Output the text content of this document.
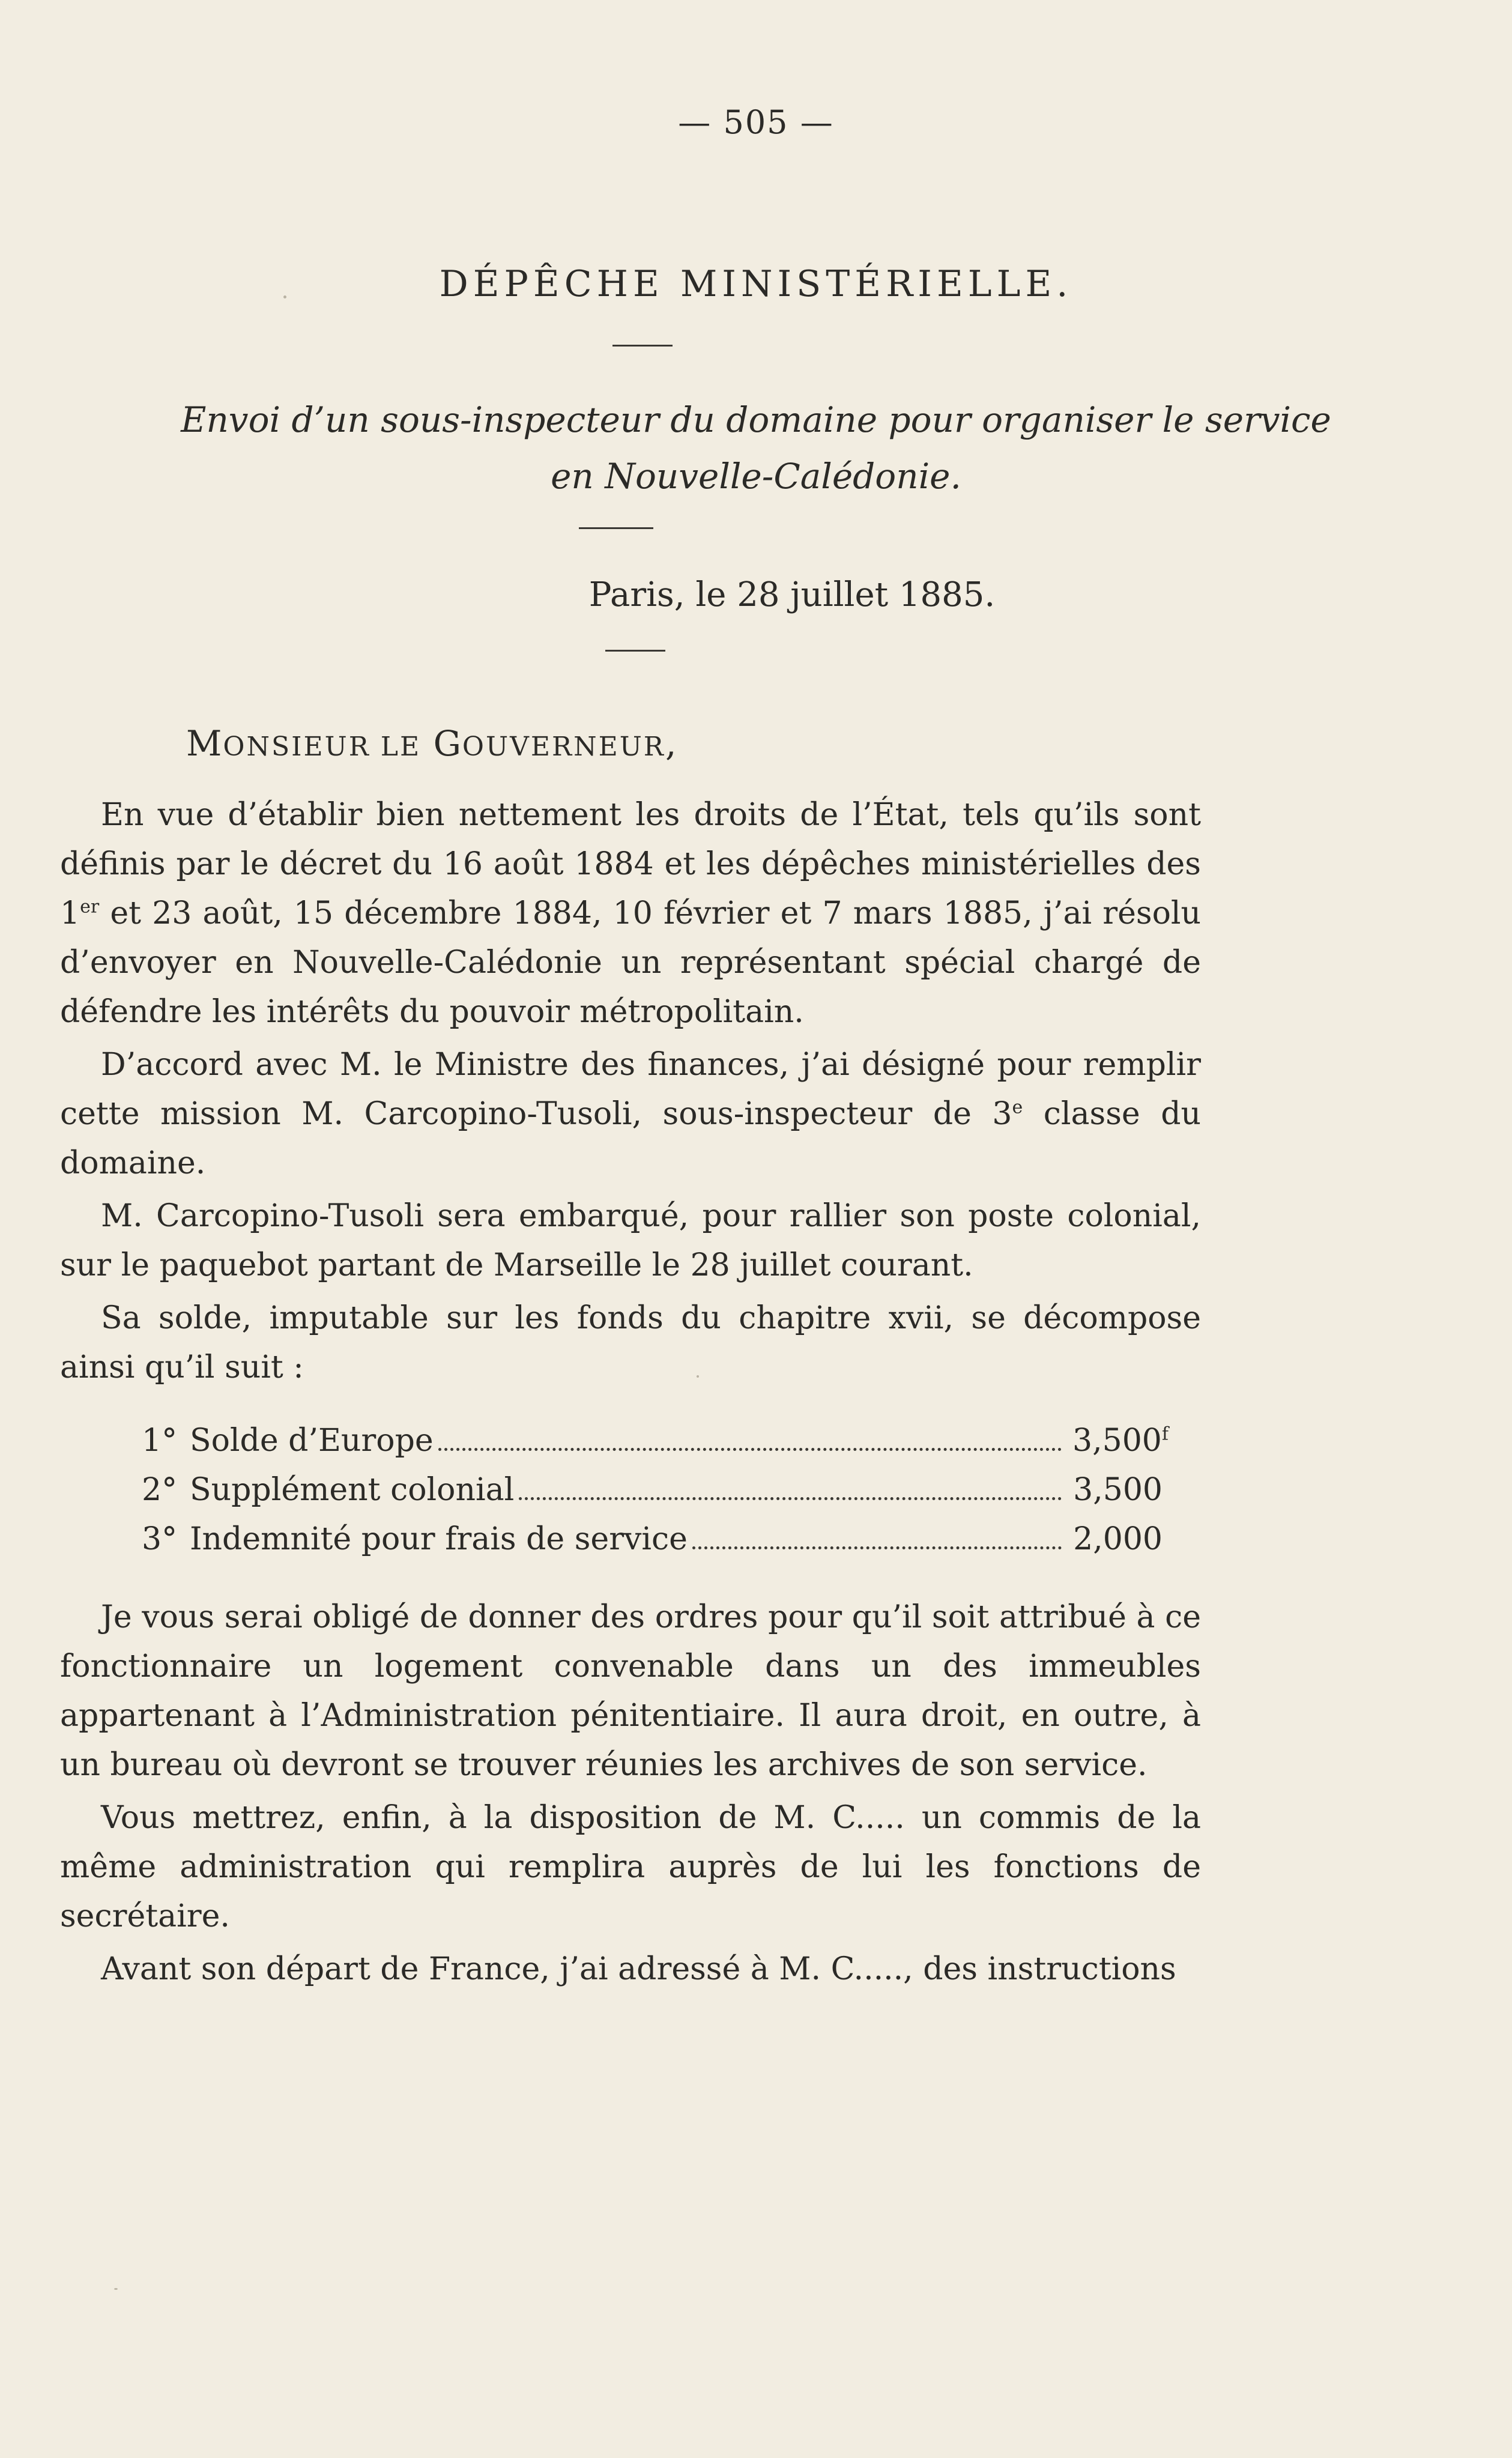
— 505 —
DÉPÊCHE MINISTÉRIELLE.
Envoi d’un sous-inspecteur du domaine pour organiser le service
en Nouvelle-Calédonie.
Paris, le 28 juillet 1885.
MONSIEUR LE GOUVERNEUR,

En vue d’établir bien nettement les droits de l’État, tels qu’ils sont définis par le décret du 16 août 1884 et les dépêches ministérielles des 1er et 23 août, 15 décembre 1884, 10 février et 7 mars 1885, j’ai résolu d’envoyer en Nouvelle-Calédonie un représentant spécial chargé de défendre les intérêts du pouvoir métropolitain.

D’accord avec M. le Ministre des finances, j’ai désigné pour remplir cette mission M. Carcopino-Tusoli, sous-inspecteur de 3e classe du domaine.

M. Carcopino-Tusoli sera embarqué, pour rallier son poste colonial, sur le paquebot partant de Marseille le 28 juillet courant.

Sa solde, imputable sur les fonds du chapitre xvii, se décompose ainsi qu’il suit :

1° Solde d’Europe	3,500$^f$
2° Supplément colonial	3,500
3° Indemnité pour frais de service	2,000

Je vous serai obligé de donner des ordres pour qu’il soit attribué à ce fonctionnaire un logement convenable dans un des immeubles appartenant à l’Administration pénitentiaire. Il aura droit, en outre, à un bureau où devront se trouver réunies les archives de son service.

Vous mettrez, enfin, à la disposition de M. C..... un commis de la même administration qui remplira auprès de lui les fonctions de secrétaire.

Avant son départ de France, j’ai adressé à M. C....., des instructions
